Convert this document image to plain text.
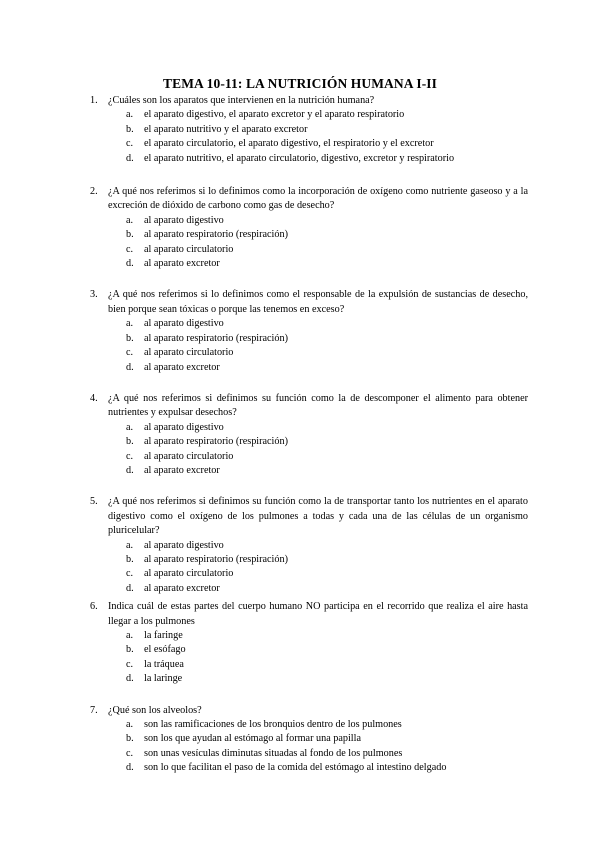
TEMA 10-11: LA NUTRICIÓN HUMANA I-II
1. ¿Cuáles son los aparatos que intervienen en la nutrición humana?
a. el aparato digestivo, el aparato excretor y el aparato respiratorio
b. el aparato nutritivo y el aparato excretor
c. el aparato circulatorio, el aparato digestivo, el respiratorio y el excretor
d. el aparato nutritivo, el aparato circulatorio, digestivo, excretor y respiratorio
2. ¿A qué nos referimos si lo definimos como la incorporación de oxígeno como nutriente gaseoso y a la excreción de dióxido de carbono como gas de desecho?
a. al aparato digestivo
b. al aparato respiratorio (respiración)
c. al aparato circulatorio
d. al aparato excretor
3. ¿A qué nos referimos si lo definimos como el responsable de la expulsión de sustancias de desecho, bien porque sean tóxicas o porque las tenemos en exceso?
a. al aparato digestivo
b. al aparato respiratorio (respiración)
c. al aparato circulatorio
d. al aparato excretor
4. ¿A qué nos referimos si definimos su función como la de descomponer el alimento para obtener nutrientes y expulsar desechos?
a. al aparato digestivo
b. al aparato respiratorio (respiración)
c. al aparato circulatorio
d. al aparato excretor
5. ¿A qué nos referimos si definimos su función como la de transportar tanto los nutrientes en el aparato digestivo como el oxígeno de los pulmones a todas y cada una de las células de un organismo pluricelular?
a. al aparato digestivo
b. al aparato respiratorio (respiración)
c. al aparato circulatorio
d. al aparato excretor
6. Indica cuál de estas partes del cuerpo humano NO participa en el recorrido que realiza el aire hasta llegar a los pulmones
a. la faringe
b. el esófago
c. la tráquea
d. la laringe
7. ¿Qué son los alveolos?
a. son las ramificaciones de los bronquios dentro de los pulmones
b. son los que ayudan al estómago al formar una papilla
c. son unas vesículas diminutas situadas al fondo de los pulmones
d. son lo que facilitan el paso de la comida del estómago al intestino delgado
